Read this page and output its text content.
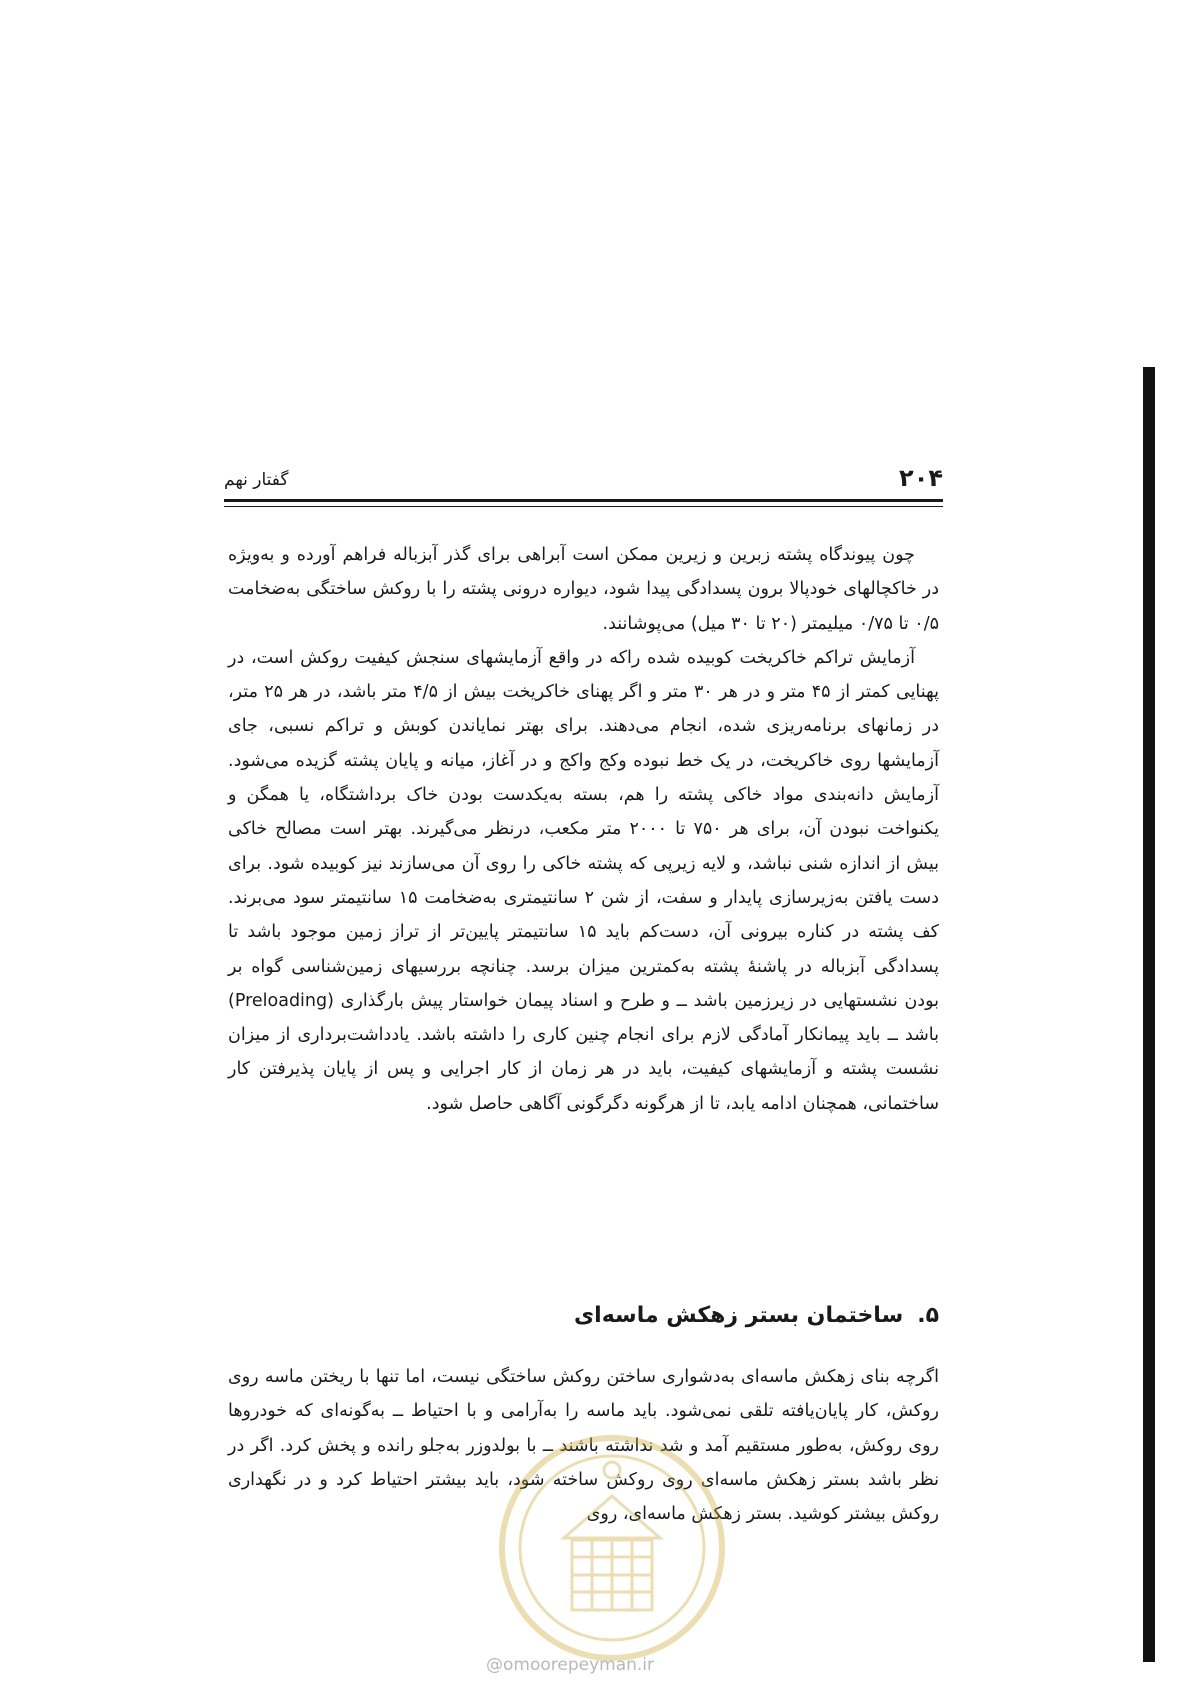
۲۰۴
گفتار نهم

چون پیوندگاه پشته زبرین و زیرین ممکن است آبراهی برای گذر آبزباله فراهم آورده و به‌ویژه در خاکچالهای خودپالا برون پسدادگی پیدا شود، دیواره درونی پشته را با روکش ساختگی به‌ضخامت ۰/۵ تا ۰/۷۵ میلیمتر (۲۰ تا ۳۰ میل) می‌پوشانند.

آزمایش تراکم خاکریخت کوبیده شده راکه در واقع آزمایشهای سنجش کیفیت روکش است، در پهنایی کمتر از ۴۵ متر و در هر ۳۰ متر و اگر پهنای خاکریخت بیش از ۴/۵ متر باشد، در هر ۲۵ متر، در زمانهای برنامه‌ریزی شده، انجام می‌دهند. برای بهتر نمایاندن کوبش و تراکم نسبی، جای آزمایشها روی خاکریخت، در یک خط نبوده وکج واکج و در آغاز، میانه و پایان پشته گزیده می‌شود. آزمایش دانه‌بندی مواد خاکی پشته را هم، بسته به‌یکدست بودن خاک برداشتگاه، یا همگن و یکنواخت نبودن آن، برای هر ۷۵۰ تا ۲۰۰۰ متر مکعب، درنظر می‌گیرند. بهتر است مصالح خاکی بیش از اندازه شنی نباشد، و لایه زیرپی که پشته خاکی را روی آن می‌سازند نیز کوبیده شود. برای دست یافتن به‌زیرسازی پایدار و سفت، از شن ۲ سانتیمتری به‌ضخامت ۱۵ سانتیمتر سود می‌برند. کف پشته در کناره بیرونی آن، دست‌کم باید ۱۵ سانتیمتر پایین‌تر از تراز زمین موجود باشد تا پسدادگی آبزباله در پاشنهٔ پشته به‌کمترین میزان برسد. چنانچه بررسیهای زمین‌شناسی گواه بر بودن نشستهایی در زیرزمین باشد ــ و طرح و اسناد پیمان خواستار پیش بارگذاری (Preloading) باشد ــ باید پیمانکار آمادگی لازم برای انجام چنین کاری را داشته باشد. یادداشت‌برداری از میزان نشست پشته و آزمایشهای کیفیت، باید در هر زمان از کار اجرایی و پس از پایان پذیرفتن کار ساختمانی، همچنان ادامه یابد، تا از هرگونه دگرگونی آگاهی حاصل شود.

۵.ساختمان بستر زهکش ماسه‌ای

اگرچه بنای زهکش ماسه‌ای به‌دشواری ساختن روکش ساختگی نیست، اما تنها با ریختن ماسه روی روکش، کار پایان‌یافته تلقی نمی‌شود. باید ماسه را به‌آرامی و با احتیاط ــ به‌گونه‌ای که خودروها روی روکش، به‌طور مستقیم آمد و شد نداشته باشند ــ با بولدوزر به‌جلو رانده و پخش کرد. اگر در نظر باشد بستر زهکش ماسه‌ای روی روکش ساخته شود، باید بیشتر احتیاط کرد و در نگهداری روکش بیشتر کوشید. بستر زهکش ماسه‌ای، روی

@omoorepeyman.ir
